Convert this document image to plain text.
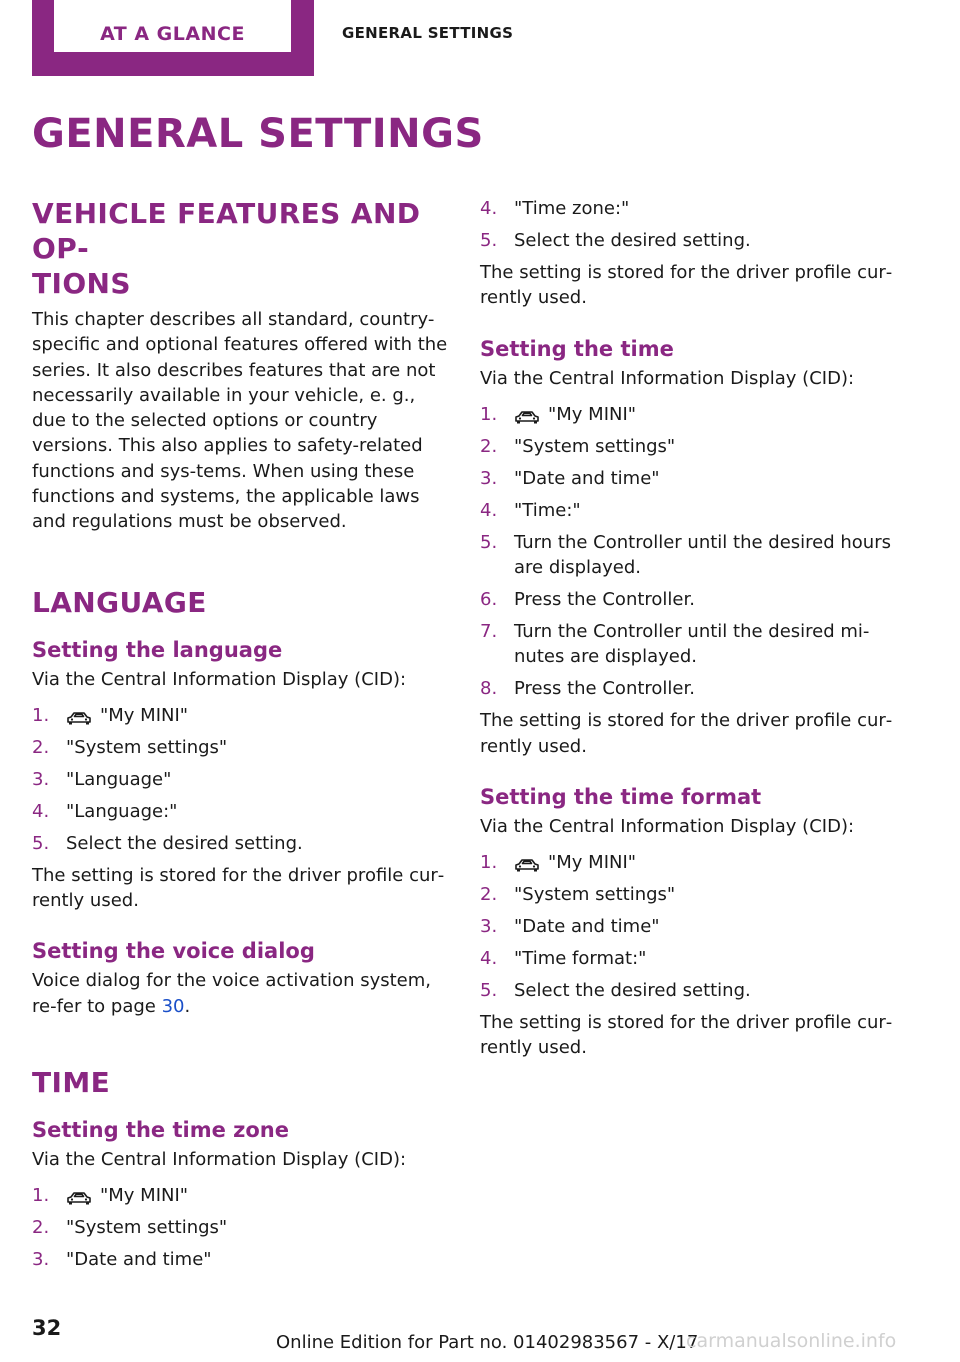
AT A GLANCE	GENERAL SETTINGS
GENERAL SETTINGS
VEHICLE FEATURES AND OP‐
TIONS

This chapter describes all standard, country-specific and optional features offered with the series. It also describes features that are not necessarily available in your vehicle, e. g., due to the selected options or country versions. This also applies to safety-related functions and sys‐tems. When using these functions and systems, the applicable laws and regulations must be observed.

LANGUAGE
Setting the language

Via the Central Information Display (CID):

1.	"My MINI"
2. "System settings"
3. "Language"
4. "Language:"
5. Select the desired setting.

The setting is stored for the driver profile cur‐rently used.

Setting the voice dialog

Voice dialog for the voice activation system, re‐fer to page 30.

TIME
Setting the time zone

Via the Central Information Display (CID):

1.	"My MINI"
2. "System settings"
3. "Date and time"
4. "Time zone:"
5. Select the desired setting.

The setting is stored for the driver profile cur‐rently used.

Setting the time

Via the Central Information Display (CID):

1.	"My MINI"
2. "System settings"
3. "Date and time"
4. "Time:"
5. Turn the Controller until the desired hours are displayed.
6. Press the Controller.
7. Turn the Controller until the desired mi‐nutes are displayed.
8. Press the Controller.

The setting is stored for the driver profile cur‐rently used.

Setting the time format

Via the Central Information Display (CID):

1.	"My MINI"
2. "System settings"
3. "Date and time"
4. "Time format:"
5. Select the desired setting.

The setting is stored for the driver profile cur‐rently used.

32
Online Edition for Part no. 01402983567 - X/17
carmanualsonline.info
